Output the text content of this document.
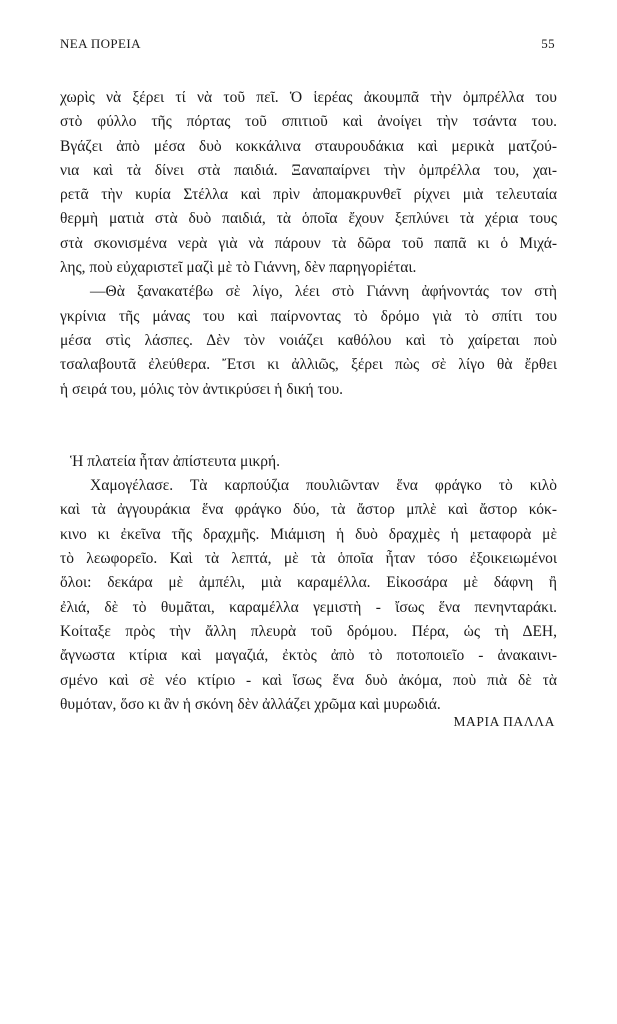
ΝΕΑ ΠΟΡΕΙΑ	55
χωρὶς νὰ ξέρει τί νὰ τοῦ πεῖ. Ὁ ἱερέας ἀκουμπᾶ τὴν ὀμπρέλλα του
στὸ φύλλο τῆς πόρτας τοῦ σπιτιοῦ καὶ ἀνοίγει τὴν τσάντα του.
Βγάζει ἀπὸ μέσα δυὸ κοκκάλινα σταυρουδάκια καὶ μερικὰ ματζού-
νια καὶ τὰ δίνει στὰ παιδιά. Ξαναπαίρνει τὴν ὀμπρέλλα του, χαι-
ρετᾶ τὴν κυρία Στέλλα καὶ πρὶν ἀπομακρυνθεῖ ρίχνει μιὰ τελευταία
θερμὴ ματιὰ στὰ δυὸ παιδιά, τὰ ὁποῖα ἔχουν ξεπλύνει τὰ χέρια τους
στὰ σκονισμένα νερὰ γιὰ νὰ πάρουν τὰ δῶρα τοῦ παπᾶ κι ὁ Μιχά-
λης, ποὺ εὐχαριστεῖ μαζὶ μὲ τὸ Γιάννη, δὲν παρηγορiέται.
—Θὰ ξανακατέβω σὲ λίγο, λέει στὸ Γιάννη ἀφήνοντάς τον στὴ
γκρίνια τῆς μάνας του καὶ παίρνοντας τὸ δρόμο γιὰ τὸ σπίτι του
μέσα στὶς λάσπες. Δὲν τὸν νοιάζει καθόλου καὶ τὸ χαίρεται ποὺ
τσαλαβουτᾶ ἐλεύθερα. Ἔτσι κι ἀλλιῶς, ξέρει πὼς σὲ λίγο θὰ ἔρθει
ἡ σειρά του, μόλις τὸν ἀντικρύσει ἡ δική του.
Ἡ πλατεία ἦταν ἀπίστευτα μικρή.
Χαμογέλασε. Τὰ καρπούζια πουλιῶνταν ἕνα φράγκο τὸ κιλὸ
καὶ τὰ ἀγγουράκια ἕνα φράγκο δύο, τὰ ἄστορ μπλὲ καὶ ἄστορ κόκ-
κινο κι ἐκεῖνα τῆς δραχμῆς. Μιάμιση ἡ δυὸ δραχμὲς ἡ μεταφορὰ μὲ
τὸ λεωφορεῖο. Καὶ τὰ λεπτά, μὲ τὰ ὁποῖα ἦταν τόσο ἐξοικειωμένοι
ὅλοι: δεκάρα μὲ ἀμπέλι, μιὰ καραμέλλα. Εἰκοσάρα μὲ δάφνη ἢ
ἐλιά, δὲ τὸ θυμᾶται, καραμέλλα γεμιστὴ - ἴσως ἕνα πενηνταράκι.
Κοίταξε πρὸς τὴν ἄλλη πλευρὰ τοῦ δρόμου. Πέρα, ὡς τὴ ΔΕΗ,
ἄγνωστα κτίρια καὶ μαγαζιά, ἐκτὸς ἀπὸ τὸ ποτοποιεῖο - ἀνακαινι-
σμένο καὶ σὲ νέο κτίριο - καὶ ἴσως ἕνα δυὸ ἀκόμα, ποὺ πιὰ δὲ τὰ
θυμόταν, ὅσο κι ἂν ἡ σκόνη δὲν ἀλλάζει χρῶμα καὶ μυρωδιά.
ΜΑΡΙΑ ΠΑΛΛΑ
